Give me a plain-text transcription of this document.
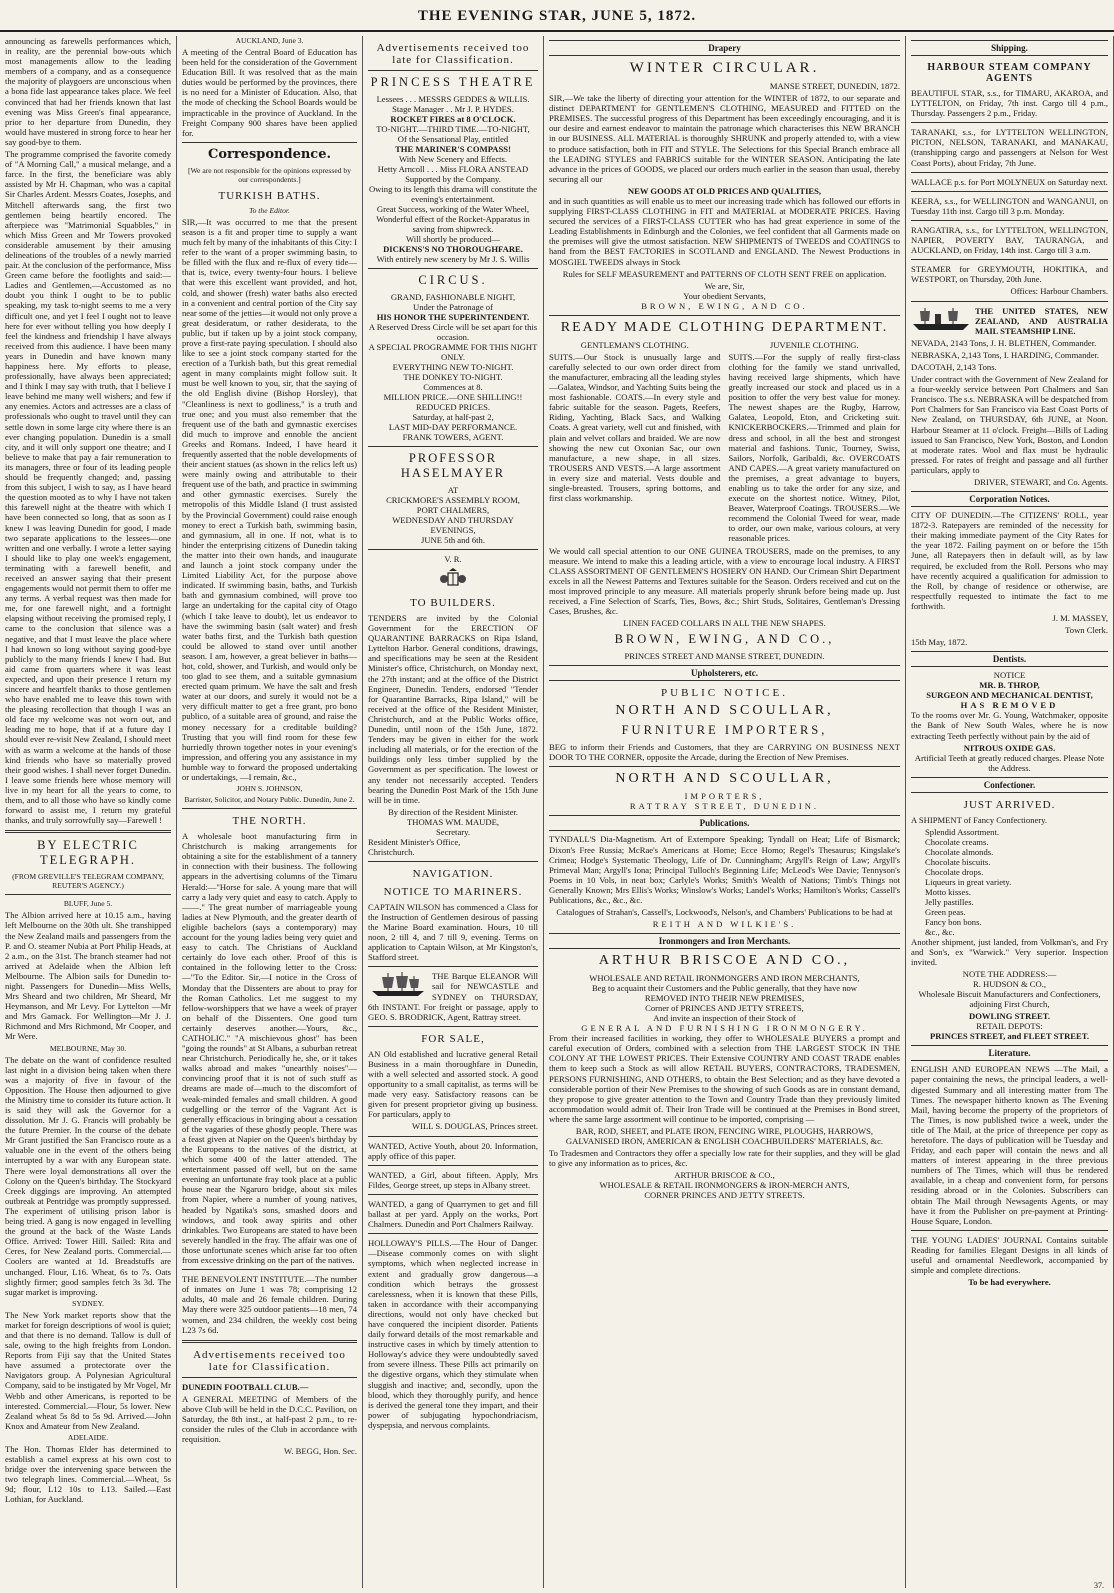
THE EVENING STAR, JUNE 5, 1872.

announcing as farewells performances which, in reality, are the perennial bow-outs which most managements allow to the leading members of a company, and as a consequence the majority of playgoers are unconscious when a bona fide last appearance takes place. We feel convinced that had her friends known that last evening was Miss Green's final appearance, prior to her departure from Dunedin, they would have mustered in strong force to hear her say good-bye to them.

The programme comprised the favorite comedy of "A Morning Call," a musical melange, and a farce. In the first, the benefíciare was ably assisted by Mr H. Chapman, who was a capital Sir Charles Ardent. Messrs Coates, Josephs, and Mitchell afterwards sang, the first two gentlemen being heartily encored. The afterpiece was "Matrimonial Squabbles," in which Miss Green and Mr Towers provoked considerable amusement by their amusing delineations of the troubles of a newly married pair. At the conclusion of the performance, Miss Green came before the footlights and said:—Ladies and Gentlemen,—Accustomed as no doubt you think I ought to be to public speaking, my task to-night seems to me a very difficult one, and yet I feel I ought not to leave here for ever without telling you how deeply I feel the kindness and friendship I have always received from this audience. I have been many years in Dunedin and have known many happiness here. My efforts to please, professionally, have always been appreciated; and I think I may say with truth, that I believe I leave behind me many well wishers; and few if any enemies. Actors and actresses are a class of professionals who ought to travel until they can settle down in some large city where there is an ever changing population. Dunedin is a small city, and it will only support one theatre; and I believe to make that pay a fair remuneration to its managers, three or four of its leading people should be frequently changed; and, passing from this subject, I wish to say, as I have heard the question mooted as to why I have not taken this farewell night at the theatre with which I have been connected so long, that as soon as I knew I was leaving Dunedin for good, I made two separate applications to the lessees—one written and one verbally. I wrote a letter saying I should like to play one week's engagement, terminating with a farewell benefit, and received an answer saying that their present engagements would not permit them to offer me any terms. A verbal request was then made for me, for one farewell night, and a fortnight elapsing without receiving the promised reply, I came to the conclusion that silence was a negative, and that I must leave the place where I had known so long without saying good-bye publicly to the many friends I knew I had. But aid came from quarters where it was least expected, and upon their presence I return my sincere and heartfelt thanks to those gentlemen who have enabled me to leave this town with the pleasing recollection that though I was an old face my welcome was not worn out, and leading me to hope, that if at a future day I should ever re-visit New Zealand, I should meet with as warm a welcome at the hands of those kind friends who have so materially proved their good wishes. I shall never forget Dunedin. I leave some friends here whose memory will live in my heart for all the years to come, to them, and to all those who have so kindly come forward to assist me, I return my grateful thanks, and truly sorrowfully say—Farewell !

BY ELECTRIC TELEGRAPH.

(FROM GREVILLE'S TELEGRAM COMPANY, REUTER'S AGENCY.)

BLUFF, June 5.

The Albion arrived here at 10.15 a.m., having left Melbourne on the 30th ult. She transhipped the New Zealand mails and passengers from the P. and O. steamer Nubia at Port Philip Heads, at 2 a.m., on the 31st. The branch steamer had not arrived at Adelaide when the Albion left Melbourne. The Albion sails for Dunedin to-night. Passengers for Dunedin—Miss Wells, Mrs Sheard and two children, Mr Sheard, Mr Heymanson, and Mr Levy. For Lyttelton —Mr and Mrs Gamack. For Wellington—Mr J. J. Richmond and Mrs Richmond, Mr Cooper, and Mr Were.

MELBOURNE, May 30.

The debate on the want of confidence resulted last night in a division being taken when there was a majority of five in favour of the Opposition. The House then adjourned to give the Ministry time to consider its future action. It is said they will ask the Governor for a dissolution. Mr J. G. Francis will probably be the future Premier. In the course of the debate Mr Grant justified the San Francisco route as a valuable one in the event of the others being interrupted by a war with any European state. There were loyal demonstrations all over the Colony on the Queen's birthday. The Stockyard Creek diggings are improving. An attempted outbreak at Pentridge was promptly suppressed. The experiment of utilising prison labor is being tried. A gang is now engaged in levelling the ground at the back of the Waste Lands Office. Arrived: Tower Hill. Sailed: Rita and Ceres, for New Zealand ports. Commercial.—Coolers are wanted at 1d. Breadstuffs are unchanged. Flour, L16. Wheat, 6s to 7s. Oats slightly firmer; good samples fetch 3s 3d. The sugar market is improving.

SYDNEY.

The New York market reports show that the market for foreign descriptions of wool is quiet; and that there is no demand. Tallow is dull of sale, owing to the high freights from London. Reports from Fiji say that the United States have assumed a protectorate over the Navigators group. A Polynesian Agricultural Company, said to be instigated by Mr Vogel, Mr Webb and other Americans, is reported to be interested. Commercial.—Flour, 5s lower. New Zealand wheat 5s 8d to 5s 9d. Arrived.—John Knox and Amateur from New Zealand.

ADELAIDE.

The Hon. Thomas Elder has determined to establish a camel express at his own cost to bridge over the intervening space between the two telegraph lines. Commercial.—Wheat, 5s 9d; flour, L12 10s to L13. Sailed.—East Lothian, for Auckland.

AUCKLAND, June 3.

A meeting of the Central Board of Education has been held for the consideration of the Government Education Bill. It was resolved that as the main duties would be performed by the provinces, there is no need for a Minister of Education. Also, that the mode of checking the School Boards would be impracticable in the province of Auckland. In the Freight Company 900 shares have been applied for.

Correspondence.

[We are not responsible for the opinions expressed by our correspondents.]

TURKISH BATHS.

To the Editor.

SIR,—It was occurred to me that the present season is a fit and proper time to supply a want much felt by many of the inhabitants of this City: I refer to the want of a proper swimming basin, to be filled with the flux and re-flux of every tide—that is, twice, every twenty-four hours. I believe that were this excellent want provided, and hot, cold, and shower (fresh) water baths also erected in a convenient and central portion of the City say near some of the jetties—it would not only prove a great desideratum, or rather desiderata, to the public, but if taken up by a joint stock company, prove a first-rate paying speculation. I should also like to see a joint stock company started for the erection of a Turkish bath, but this great remedial agent in many complaints might follow suit. It must be well known to you, sir, that the saying of the old English divine (Bishop Horsley), that "Cleanliness is next to godliness," is a truth and true one; and you must also remember that the frequent use of the bath and gymnastic exercises did much to improve and ennoble the ancient Greeks and Romans. Indeed, I have heard it frequently asserted that the noble developments of their ancient statues (as shown in the relics left us) were mainly owing and attributable to their frequent use of the bath, and practice in swimming and other gymnastic exercises. Surely the metropolis of this Middle Island (I trust assisted by the Provincial Government) could raise enough money to erect a Turkish bath, swimming basin, and gymnasium, all in one. If not, what is to hinder the enterprising citizens of Dunedin taking the matter into their own hands, and inaugurate and launch a joint stock company under the Limited Liability Act, for the purpose above indicated. If swimming basin, baths, and Turkish bath and gymnasium combined, will prove too large an undertaking for the capital city of Otago (which I take leave to doubt), let us endeavor to have the swimming basin (salt water) and fresh water baths first, and the Turkish bath question could be allowed to stand over until another season. I am, however, a great believer in baths—hot, cold, shower, and Turkish, and would only be too glad to see them, and a suitable gymnasium erected quam primum. We have the salt and fresh water at our doors, and surely it would not be a very difficult matter to get a free grant, pro bono publico, of a suitable area of ground, and raise the money necessary for a creditable building? Trusting that you will find room for these few hurriedly thrown together notes in your evening's impression, and offering you any assistance in my humble way to forward the proposed undertaking or undertakings, —I remain, &c.,

JOHN S. JOHNSON,

Barrister, Solicitor, and Notary Public. Dunedin, June 2.

THE NORTH.

A wholesale boot manufacturing firm in Christchurch is making arrangements for obtaining a site for the establishment of a tannery in connection with their business. The following appears in the advertising columns of the Timaru Herald:—"Horse for sale. A young mare that will carry a lady very quiet and easy to catch. Apply to——." The great number of marriageable young ladies at New Plymouth, and the greater dearth of eligible bachelors (says a contemporary) may account for the young ladies being very quiet and easy to catch. The Christians of Auckland certainly do love each other. Proof of this is contained in the following letter to the Cross:—"To the Editor. Sir,—I notice in the Cross of Monday that the Dissenters are about to pray for the Roman Catholics. Let me suggest to my fellow-worshippers that we have a week of prayer on behalf of the Dissenters. One good turn certainly deserves another.—Yours, &c., CATHOLIC." "A mischievous ghost" has been "going the rounds" at St Albans, a suburban retreat near Christchurch. Periodically he, she, or it takes walks abroad and makes "unearthly noises"—convincing proof that it is not of such stuff as dreams are made of—much to the discomfort of weak-minded females and small children. A good cudgelling or the terror of the Vagrant Act is generally efficacious in bringing about a cessation of the vagaries of these ghostly people. There was a feast given at Napier on the Queen's birthday by the Europeans to the natives of the district, at which some 400 of the latter attended. The entertainment passed off well, but on the same evening an unfortunate fray took place at a public house near the Ngaruro bridge, about six miles from Napier, where a number of young natives, headed by Ngatika's sons, smashed doors and windows, and took away spirits and other drinkables. Two Europeans are stated to have been severely handled in the fray. The affair was one of those unfortunate scenes which arise far too often from excessive drinking on the part of the natives.

THE BENEVOLENT INSTITUTE.—The number of inmates on June 1 was 78; comprising 12 adults, 40 male and 26 female children. During May there were 325 outdoor patients—18 men, 74 women, and 234 children, the weekly cost being L23 7s 6d.

Advertisements received too late for Classification.

DUNEDIN FOOTBALL CLUB.—

A GENERAL MEETING of Members of the above Club will be held in the D.C.C. Pavilion, on Saturday, the 8th inst., at half-past 2 p.m., to re-consider the rules of the Club in accordance with requisition.

W. BEGG, Hon. Sec.

Advertisements received too late for Classification.
PRINCESS THEATRE
Lessees . . . MESSRS GEDDES & WILLIS.
Stage Manager . . Mr J. P. HYDES.
ROCKET FIRES at 8 O'CLOCK.
TO-NIGHT.—THIRD TIME.—TO-NIGHT,
Of the Sensational Play, entitled
THE MARINER'S COMPASS!
With New Scenery and Effects.
Hetty Arncoll . . . Miss FLORA ANSTEAD
Supported by the Company.
Owing to its length this drama will constitute the evening's entertainment.
Great Success, working of the Water Wheel, Wonderful effect of the Rocket-Apparatus in saving from shipwreck.
Will shortly be produced—
DICKENS'S NO THOROUGHFARE.
With entirely new scenery by Mr J. S. Willis
CIRCUS.
GRAND, FASHIONABLE NIGHT,
Under the Patronage of
HIS HONOR THE SUPERINTENDENT.
A Reserved Dress Circle will be set apart for this occasion.
A SPECIAL PROGRAMME FOR THIS NIGHT ONLY.
EVERYTHING NEW TO-NIGHT.
THE DONKEY TO-NIGHT.
Commences at 8.
MILLION PRICE.—ONE SHILLING!!
REDUCED PRICES.
Saturday, at half-past 2,
LAST MID-DAY PERFORMANCE.
FRANK TOWERS, AGENT.
PROFESSOR HASELMAYER
AT
CRICKMORE'S ASSEMBLY ROOM,
PORT CHALMERS,
WEDNESDAY AND THURSDAY
EVENINGS,
JUNE 5th and 6th.
V. R.
TO BUILDERS.

TENDERS are invited by the Colonial Government for the ERECTION OF QUARANTINE BARRACKS on Ripa Island, Lyttelton Harbor. General conditions, drawings, and specifications may be seen at the Resident Minister's office, Christchurch, on Monday next, the 27th instant; and at the office of the District Engineer, Dunedin. Tenders, endorsed "Tender for Quarantine Barracks, Ripa Island," will be received at the office of the Resident Minister, Christchurch, and at the Public Works office, Dunedin, until noon of the 15th June, 1872. Tenders may be given in either for the work including all materials, or for the erection of the buildings only less timber supplied by the Government as per specification. The lowest or any tender not necessarily accepted. Tenders bearing the Dunedin Post Mark of the 15th June will be in time.

By direction of the Resident Minister.
THOMAS WM. MAUDE,
Secretary.
Resident Minister's Office,
Christchurch.
NAVIGATION.
NOTICE TO MARINERS.

CAPTAIN WILSON has commenced a Class for the Instruction of Gentlemen desirous of passing the Marine Board examination. Hours, 10 till noon, 2 till 4, and 7 till 9, evening. Terms on application to Captain Wilson, at Mr Kingston's, Stafford street.

THE Barque ELEANOR Will sail for NEWCASTLE and SYDNEY on THURSDAY, 6th INSTANT. For freight or passage, apply to GEO. S. BRODRICK, Agent, Rattray street.

FOR SALE,

AN Old established and lucrative general Retail Business in a main thoroughfare in Dunedin, with a well selected and assorted stock. A good opportunity to a small capitalist, as terms will be made very easy. Satisfactory reasons can be given for present proprietor giving up business. For particulars, apply to

WILL S. DOUGLAS, Princes street.

WANTED, Active Youth, about 20. Information, apply office of this paper.

WANTED, a Girl, about fifteen. Apply, Mrs Fildes, George street, up steps in Albany street.

WANTED, a gang of Quarrymen to get and fill ballast at per yard. Apply on the works, Port Chalmers. Dunedin and Port Chalmers Railway.

HOLLOWAY'S PILLS.—The Hour of Danger.—Disease commonly comes on with slight symptoms, which when neglected increase in extent and gradually grow dangerous—a condition which betrays the grossest carelessness, when it is known that these Pills, taken in accordance with their accompanying directions, would not only have checked but have conquered the incipient disorder. Patients daily forward details of the most remarkable and instructive cases in which by timely attention to Holloway's advice they were undoubtedly saved from severe illness. These Pills act primarily on the digestive organs, which they stimulate when sluggish and inactive; and, secondly, upon the blood, which they thoroughly purify, and hence is derived the general tone they impart, and their power of subjugating hypochondriacism, dyspepsia, and nervous complaints.

Drapery
WINTER CIRCULAR.

MANSE STREET, DUNEDIN, 1872.

SIR,—We take the liberty of directing your attention for the WINTER of 1872, to our separate and distinct DEPARTMENT for GENTLEMEN'S CLOTHING, MEASURED and FITTED on the PREMISES. The successful progress of this Department has been exceedingly encouraging, and it is our desire and earnest endeavor to maintain the patronage which characterises this NEW BRANCH in our BUSINESS. ALL MATERIAL is thoroughly SHRUNK and properly attended to, with a view to produce satisfaction, both in FIT and STYLE. The Selections for this Special Branch embrace all the LEADING STYLES and FABRICS suitable for the WINTER SEASON. Anticipating the late advance in the prices of GOODS, we placed our orders much earlier in the season than usual, thereby securing all our

NEW GOODS AT OLD PRICES AND QUALITIES,

and in such quantities as will enable us to meet our increasing trade which has followed our efforts in supplying FIRST-CLASS CLOTHING in FIT and MATERIAL at MODERATE PRICES. Having secured the services of a FIRST-CLASS CUTTER who has had great experience in some of the Leading Establishments in Edinburgh and the Colonies, we feel confident that all Garments made on the premises will give the utmost satisfaction. NEW SHIPMENTS of TWEEDS and COATINGS to hand from the BEST FACTORIES in SCOTLAND and ENGLAND. The Newest Productions in MOSGIEL TWEEDS always in Stock

Rules for SELF MEASUREMENT and PATTERNS OF CLOTH SENT FREE on application.

We are, Sir,
Your obedient Servants,
BROWN, EWING, AND CO.
READY MADE CLOTHING DEPARTMENT.

GENTLEMAN'S CLOTHING.

SUITS.—Our Stock is unusually large and carefully selected to our own order direct from the manufacturer, embracing all the leading styles—Galatea, Windsor, and Yachting Suits being the most fashionable. COATS.—In every style and fabric suitable for the season. Pagets, Reefers, Riding, Yachting, Black Sacs, and Walking Coats. A great variety, well cut and finished, with plain and velvet collars and braided. We are now showing the new cut Oxonian Sac, our own manufacture, a new shape, in all sizes. TROUSERS AND VESTS.—A large assortment in every size and material. Vests double and single-breasted. Trousers, spring bottoms, and first class workmanship.

JUVENILE CLOTHING.

SUITS.—For the supply of really first-class clothing for the family we stand unrivalled, having received large shipments, which have greatly increased our stock and placed us in a position to offer the very best value for money. The newest shapes are the Rugby, Harrow, Galatea, Leopold, Eton, and Cricketing suit. KNICKERBOCKERS.—Trimmed and plain for dress and school, in all the best and strongest material and fashions. Tunic, Tourney, Swiss, Sailors, Norfolk, Garibaldi, &c. OVERCOATS AND CAPES.—A great variety manufactured on the premises, a great advantage to buyers, enabling us to take the order for any size, and execute on the shortest notice. Witney, Pilot, Beaver, Waterproof Coatings. TROUSERS.—We recommend the Colonial Tweed for wear, made to order, our own make, various colours, at very reasonable prices.

We would call special attention to our ONE GUINEA TROUSERS, made on the premises, to any measure. We intend to make this a leading article, with a view to encourage local industry. A FIRST CLASS ASSORTMENT OF GENTLEMEN'S HOSIERY ON HAND. Our Crimean Shirt Department excels in all the Newest Patterns and Textures suitable for the Season. Orders received and cut on the most improved principle to any measure. All materials properly shrunk before being made up. Just received, a Fine Selection of Scarfs, Ties, Bows, &c.; Shirt Studs, Solitaires, Gentleman's Dressing Cases, Brushes, &c.

LINEN FACED COLLARS IN ALL THE NEW SHAPES.
BROWN, EWING, AND CO.,
PRINCES STREET AND MANSE STREET, DUNEDIN.
Upholsterers, etc.
PUBLIC NOTICE.
NORTH AND SCOULLAR,
FURNITURE IMPORTERS,

BEG to inform their Friends and Customers, that they are CARRYING ON BUSINESS NEXT DOOR TO THE CORNER, opposite the Arcade, during the Erection of New Premises.

NORTH AND SCOULLAR,
IMPORTERS,
RATTRAY STREET, DUNEDIN.
Publications.

TYNDALL'S Dia-Magnetism. Art of Extempore Speaking; Tyndall on Heat; Life of Bismarck; Dixon's Free Russia; McRae's Americans at Home; Ecce Homo; Regel's Thesaurus; Kingslake's Crimea; Hodge's Systematic Theology, Life of Dr. Cunningham; Argyll's Reign of Law; Argyll's Primeval Man; Argyll's Iona; Principal Tulloch's Beginning Life; McLeod's Wee Davie; Tennyson's Poems in 10 Vols, in neat box; Carlyle's Works; Smith's Wealth of Nations; Timb's Things not Generally Known; Mrs Ellis's Works; Winslow's Works; Landel's Works; Hamilton's Works; Cassell's Publications, &c., &c., &c.

Catalogues of Strahan's, Cassell's, Lockwood's, Nelson's, and Chambers' Publications to be had at

REITH AND WILKIE'S.
Ironmongers and Iron Merchants.
ARTHUR BRISCOE AND CO.,
WHOLESALE AND RETAIL IRONMONGERS AND IRON MERCHANTS,
Beg to acquaint their Customers and the Public generally, that they have now
REMOVED INTO THEIR NEW PREMISES,
Corner of PRINCES AND JETTY STREETS,
And invite an inspection of their Stock of
GENERAL AND FURNISHING IRONMONGERY.

From their increased facilities in working, they offer to WHOLESALE BUYERS a prompt and careful execution of Orders, combined with a selection from THE LARGEST STOCK IN THE COLONY AT THE LOWEST PRICES. Their Extensive COUNTRY AND COAST TRADE enables them to keep such a Stock as will allow RETAIL BUYERS, CONTRACTORS, TRADESMEN, PERSONS FURNISHING, AND OTHERS, to obtain the Best Selection; and as they have devoted a considerable portion of their New Premises to the showing of such Goods as are in constant demand, they propose to give greater attention to the Town and Country Trade than they previously limited accommodation would admit of. Their Iron Trade will be continued at the Premises in Bond street, where the same large assortment will continue to be imported, comprising —

BAR, ROD, SHEET, and PLATE IRON, FENCING WIRE, PLOUGHS, HARROWS, GALVANISED IRON, AMERICAN & ENGLISH COACHBUILDERS' MATERIALS, &c.

To Tradesmen and Contractors they offer a specially low rate for their supplies, and they will be glad to give any information as to prices, &c.

ARTHUR BRISCOE & CO.,
WHOLESALE & RETAIL IRONMONGERS & IRON-MERCH ANTS,
CORNER PRINCES AND JETTY STREETS.
Shipping.
HARBOUR STEAM COMPANY AGENTS

BEAUTIFUL STAR, s.s., for TIMARU, AKAROA, and LYTTELTON, on Friday, 7th inst. Cargo till 4 p.m., Thursday. Passengers 2 p.m., Friday.

TARANAKI, s.s., for LYTTELTON WELLINGTON, PICTON, NELSON, TARANAKI, and MANAKAU, (transhipping cargo and passengers at Nelson for West Coast Ports), about Friday, 7th June.

WALLACE p.s. for Port MOLYNEUX on Saturday next.

KEERA, s.s., for WELLINGTON and WANGANUI, on Tuesday 11th inst. Cargo till 3 p.m. Monday.

RANGATIRA, s.s., for LYTTELTON, WELLINGTON, NAPIER, POVERTY BAY, TAURANGA, and AUCKLAND, on Friday, 14th inst. Cargo till 3 a.m.

STEAMER for GREYMOUTH, HOKITIKA, and WESTPORT, on Thursday, 20th June.

Offices: Harbour Chambers.

THE UNITED STATES, NEW ZEALAND, AND AUSTRALIA MAIL STEAMSHIP LINE.

NEVADA, 2143 Tons, J. H. BLETHEN, Commander.

NEBRASKA, 2,143 Tons, I. HARDING, Commander.

DACOTAH, 2,143 Tons.

Under contract with the Government of New Zealand for a four-weekly service between Port Chalmers and San Francisco. The s.s. NEBRASKA will be despatched from Port Chalmers for San Francisco via East Coast Ports of New Zealand, on THURSDAY, 6th JUNE, at Noon. Harbour Steamer at 11 o'clock. Freight—Bills of Lading issued to San Francisco, New York, Boston, and London at moderate rates. Wool and flax must be hydraulic pressed. For rates of freight and passage and all further particulars, apply to

DRIVER, STEWART, and Co. Agents.

Corporation Notices.

CITY OF DUNEDIN.—The CITIZENS' ROLL, year 1872-3. Ratepayers are reminded of the necessity for their making immediate payment of the City Rates for the year 1872. Failing payment on or before the 15th June, all Ratepayers then in default will, as by law required, be excluded from the Roll. Persons who may have recently acquired a qualification for admission to the Roll, by change of residence or otherwise, are respectfully requested to intimate the fact to me forthwith.

J. M. MASSEY,

Town Clerk.

15th May, 1872.

Dentists.
NOTICE
MR. B. THROP,
SURGEON AND MECHANICAL DENTIST,
HAS REMOVED

To the rooms over Mr. G. Young, Watchmaker, opposite the Bank of New South Wales, where he is now extracting Teeth perfectly without pain by the aid of

NITROUS OXIDE GAS.

Artificial Teeth at greatly reduced charges. Please Note the Address.

Confectioner.
JUST ARRIVED.

A SHIPMENT of Fancy Confectionery.

Splendid Assortment.
Chocolate creams.
Chocolate almonds.
Chocolate biscuits.
Chocolate drops.
Liqueurs in great variety.
Motto kisses.
Jelly pastilles.
Green peas.
Fancy bon bons.
&c., &c.

Another shipment, just landed, from Volkman's, and Fry and Son's, ex "Warwick." Very superior. Inspection invited.

NOTE THE ADDRESS:—
R. HUDSON & CO.,

Wholesale Biscuit Manufacturers and Confectioners, adjoining First Church,

DOWLING STREET.
RETAIL DEPOTS:
PRINCES STREET, and FLEET STREET.
Literature.

ENGLISH AND EUROPEAN NEWS —The Mail, a paper containing the news, the principal leaders, a well-digested Summary and all interesting matter from The Times. The newspaper hitherto known as The Evening Mail, having become the property of the proprietors of The Times, is now published twice a week, under the title of The Mail, at the price of threepence per copy as heretofore. The days of publication will be Tuesday and Friday, and each paper will contain the news and all matters of interest appearing in the three previous numbers of The Times, which will thus be rendered available, in a cheap and convenient form, for persons residing abroad or in the Colonies. Subscribers can obtain The Mail through Newsagents Agents, or may have it from the Publisher on pre-payment at Printing-House Square, London.

THE YOUNG LADIES' JOURNAL Contains suitable Reading for families Elegant Designs in all kinds of useful and ornamental Needlework, accompanied by simple and complete directions.

To be had everywhere.
37.
